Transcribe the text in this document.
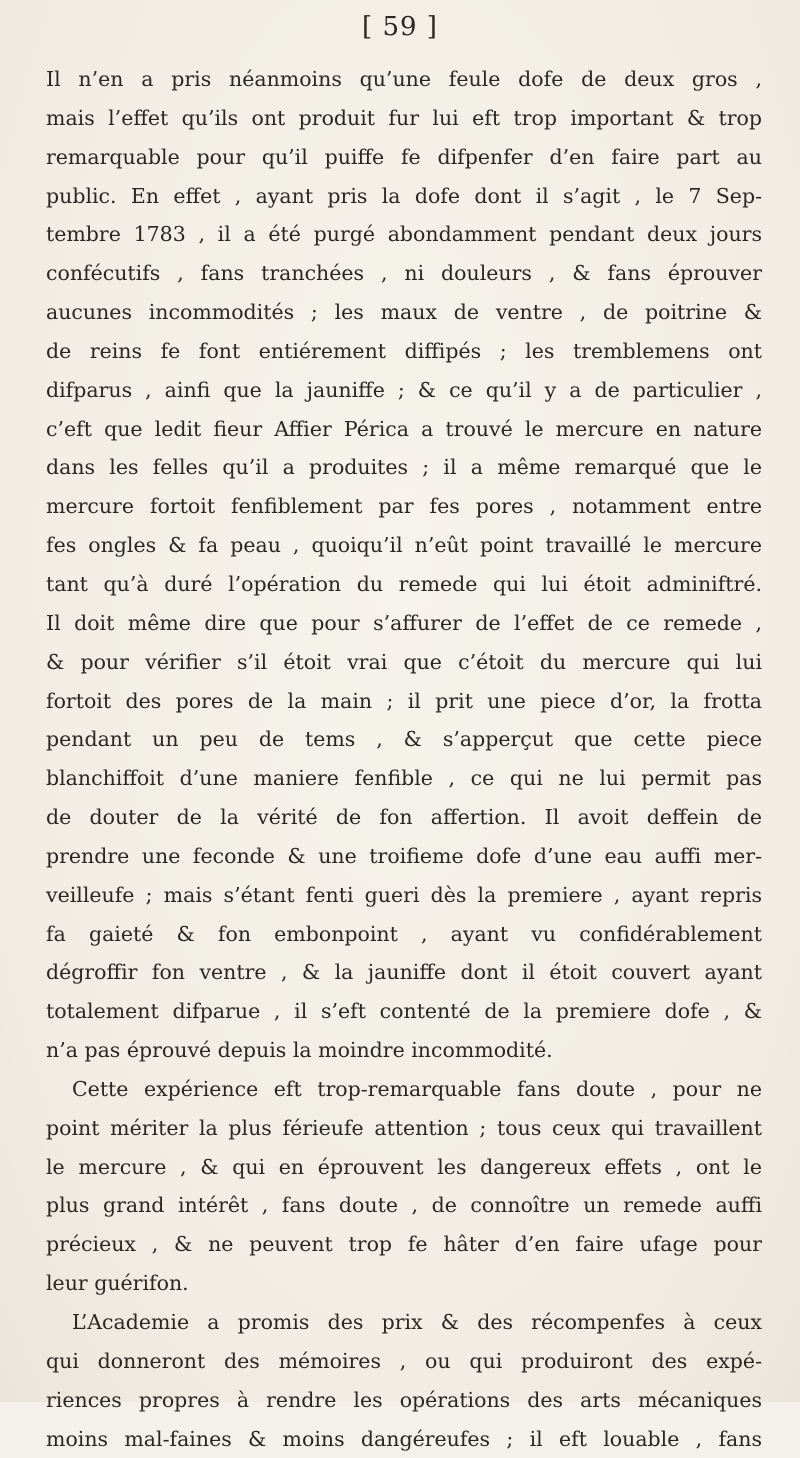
[ 59 ]
Il n’en a pris néanmoins qu’une feule dofe de deux gros ,
mais l’effet qu’ils ont produit fur lui eft trop important & trop
remarquable pour qu’il puiffe fe difpenfer d’en faire part au
public. En effet , ayant pris la dofe dont il s’agit , le 7 Sep-
tembre 1783 , il a été purgé abondamment pendant deux jours
confécutifs , fans tranchées , ni douleurs , & fans éprouver
aucunes incommodités ; les maux de ventre , de poitrine &
de reins fe font entiérement diffipés ; les tremblemens ont
difparus , ainfi que la jauniffe ; & ce qu’il y a de particulier ,
c’eft que ledit fieur Affier Périca a trouvé le mercure en nature
dans les felles qu’il a produites ; il a même remarqué que le
mercure fortoit fenfiblement par fes pores , notamment entre
fes ongles & fa peau , quoiqu’il n’eût point travaillé le mercure
tant qu’à duré l’opération du remede qui lui étoit adminiftré.
Il doit même dire que pour s’affurer de l’effet de ce remede ,
& pour vérifier s’il étoit vrai que c’étoit du mercure qui lui
fortoit des pores de la main ; il prit une piece d’or, la frotta
pendant un peu de tems , & s’apperçut que cette piece
blanchiffoit d’une maniere fenfible , ce qui ne lui permit pas
de douter de la vérité de fon affertion. Il avoit deffein de
prendre une feconde & une troifieme dofe d’une eau auffi mer-
veilleufe ; mais s’étant fenti gueri dès la premiere , ayant repris
fa gaieté & fon embonpoint , ayant vu confidérablement
dégroffir fon ventre , & la jauniffe dont il étoit couvert ayant
totalement difparue , il s’eft contenté de la premiere dofe , &
n’a pas éprouvé depuis la moindre incommodité.
Cette expérience eft trop-remarquable fans doute , pour ne
point mériter la plus férieufe attention ; tous ceux qui travaillent
le mercure , & qui en éprouvent les dangereux effets , ont le
plus grand intérêt , fans doute , de connoître un remede auffi
précieux , & ne peuvent trop fe hâter d’en faire ufage pour
leur guérifon.
L’Academie a promis des prix & des récompenfes à ceux
qui donneront des mémoires , ou qui produiront des expé-
riences propres à rendre les opérations des arts mécaniques
moins mal-faines & moins dangéreufes ; il eft louable , fans
